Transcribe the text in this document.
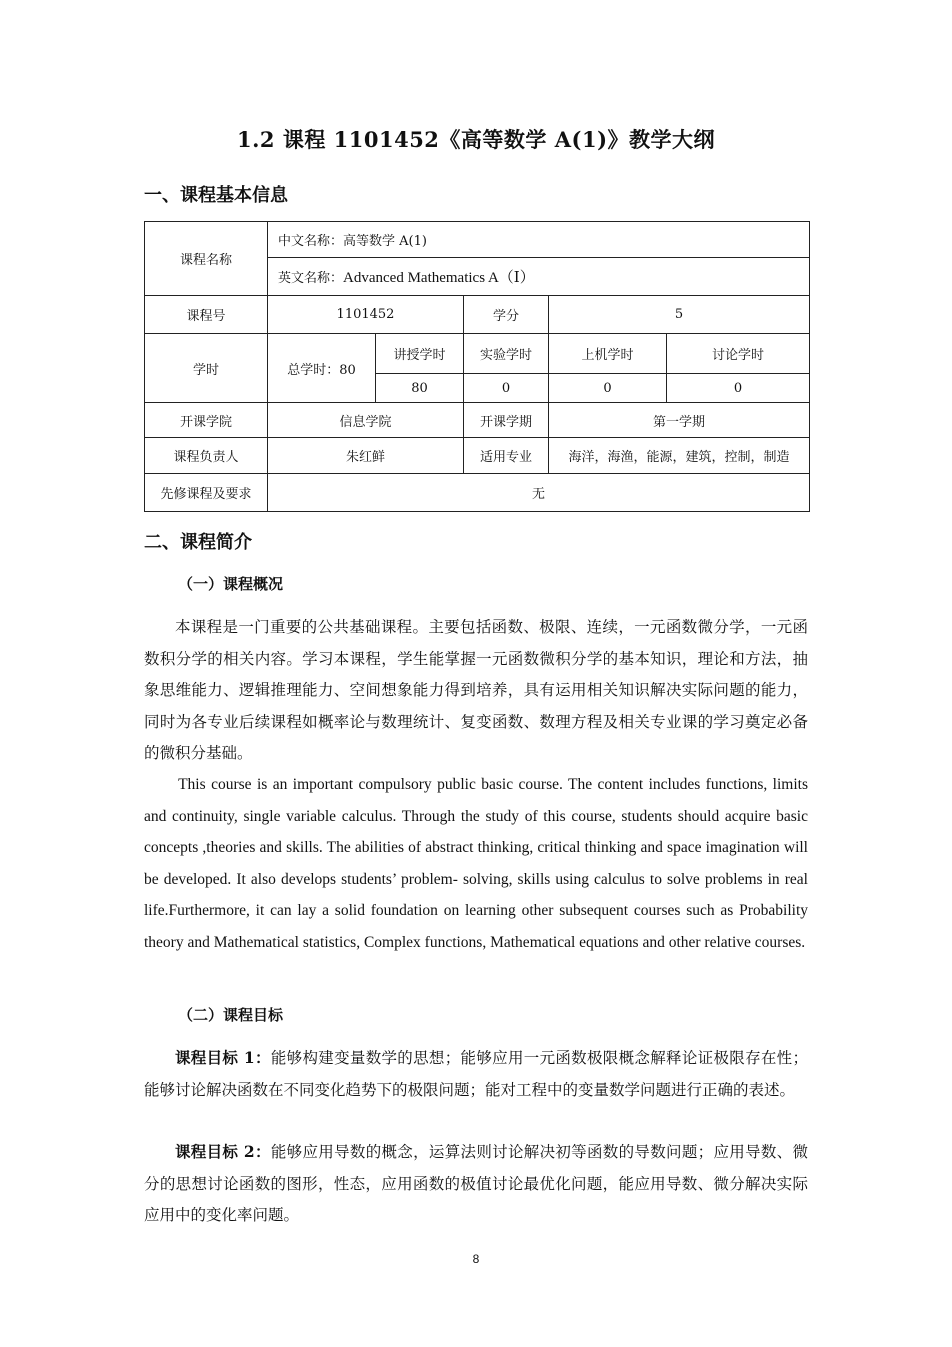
1.2 课程 1101452《高等数学 A(1)》教学大纲
一、课程基本信息
课程名称	中文名称：高等数学 A(1)				
	英文名称：Advanced Mathematics A（Ⅰ）				
课程号	1101452		学分	5	
学时	总学时：80	讲授学时	实验学时	上机学时	讨论学时
		80	0	0	0
开课学院	信息学院		开课学期	第一学期	
课程负责人	朱红鲜		适用专业	海洋，海渔，能源，建筑，控制，制造	
先修课程及要求	无				
二、课程简介
（一）课程概况

本课程是一门重要的公共基础课程。主要包括函数、极限、连续，一元函数微分学，一元函数积分学的相关内容。学习本课程，学生能掌握一元函数微积分学的基本知识，理论和方法，抽象思维能力、逻辑推理能力、空间想象能力得到培养，具有运用相关知识解决实际问题的能力，同时为各专业后续课程如概率论与数理统计、复变函数、数理方程及相关专业课的学习奠定必备的微积分基础。

This course is an important compulsory public basic course. The content includes functions, limits and continuity, single variable calculus. Through the study of this course, students should acquire basic concepts ,theories and skills. The abilities of abstract thinking, critical thinking and space imagination will be developed. It also develops students’ problem- solving, skills using calculus to solve problems in real life.Furthermore, it can lay a solid foundation on learning other subsequent courses such as Probability theory and Mathematical statistics, Complex functions, Mathematical equations and other relative courses.

（二）课程目标

课程目标 1：能够构建变量数学的思想；能够应用一元函数极限概念解释论证极限存在性；能够讨论解决函数在不同变化趋势下的极限问题；能对工程中的变量数学问题进行正确的表述。

课程目标 2：能够应用导数的概念，运算法则讨论解决初等函数的导数问题；应用导数、微分的思想讨论函数的图形，性态，应用函数的极值讨论最优化问题，能应用导数、微分解决实际应用中的变化率问题。

8
